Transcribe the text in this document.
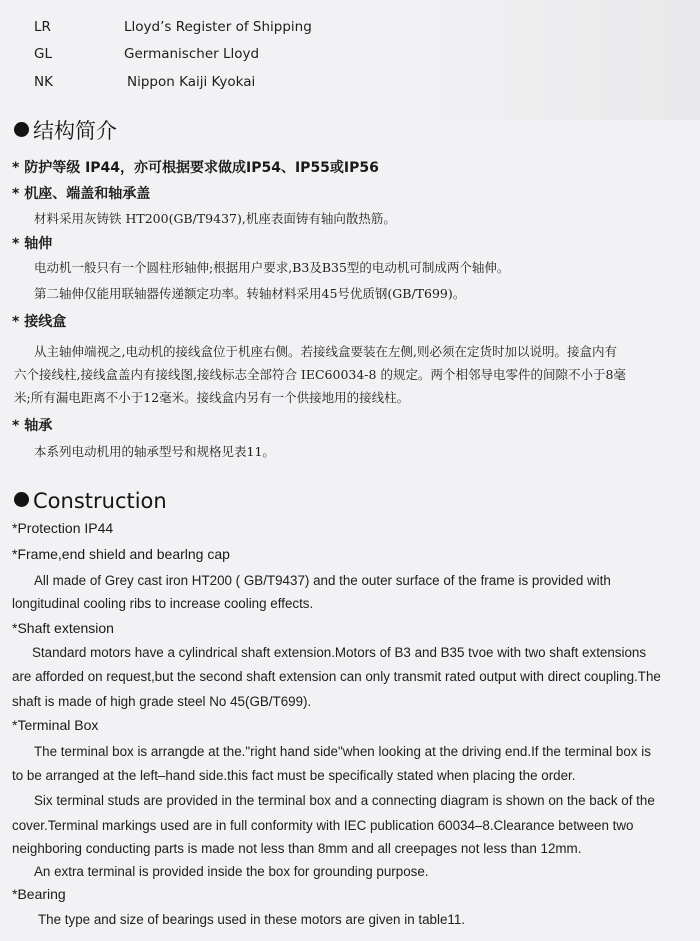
LR	Lloyd’s Register of Shipping
GL	Germanischer Lloyd
NK	Nippon Kaiji Kyokai
结构简介
* 防护等级 IP44，亦可根据要求做成IP54、IP55或IP56
* 机座、端盖和轴承盖
材料采用灰铸铁 HT200(GB/T9437),机座表面铸有轴向散热筋。
* 轴伸
电动机一般只有一个圆柱形轴伸;根据用户要求,B3及B35型的电动机可制成两个轴伸。
第二轴伸仅能用联轴器传递额定功率。转轴材料采用45号优质钢(GB/T699)。
* 接线盒
从主轴伸端视之,电动机的接线盒位于机座右侧。若接线盒要装在左侧,则必须在定货时加以说明。接盒内有
六个接线柱,接线盒盖内有接线图,接线标志全部符合 IEC60034-8 的规定。两个相邻导电零件的间隙不小于8毫
米;所有漏电距离不小于12毫米。接线盒内另有一个供接地用的接线柱。
* 轴承
本系列电动机用的轴承型号和规格见表11。
Construction
*Protection IP44
*Frame,end shield and bearlng cap
All made of Grey cast iron HT200 ( GB/T9437) and the outer surface of the frame is provided with
longitudinal cooling ribs to increase cooling effects.
*Shaft extension
Standard motors have a cylindrical shaft extension.Motors of B3 and B35 tvoe with two shaft extensions
are afforded on request,but the second shaft extension can only transmit rated output with direct coupling.The
shaft is made of high grade steel No 45(GB/T699).
*Terminal Box
The terminal box is arrangde at the."right hand side"when looking at the driving end.If the terminal box is
to be arranged at the left–hand side.this fact must be specifically stated when placing the order.
Six terminal studs are provided in the terminal box and a connecting diagram is shown on the back of the
cover.Terminal markings used are in full conformity with IEC publication 60034–8.Clearance between two
neighboring conducting parts is made not less than 8mm and all creepages not less than 12mm.
An extra terminal is provided inside the box for grounding purpose.
*Bearing
The type and size of bearings used in these motors are given in table11.
